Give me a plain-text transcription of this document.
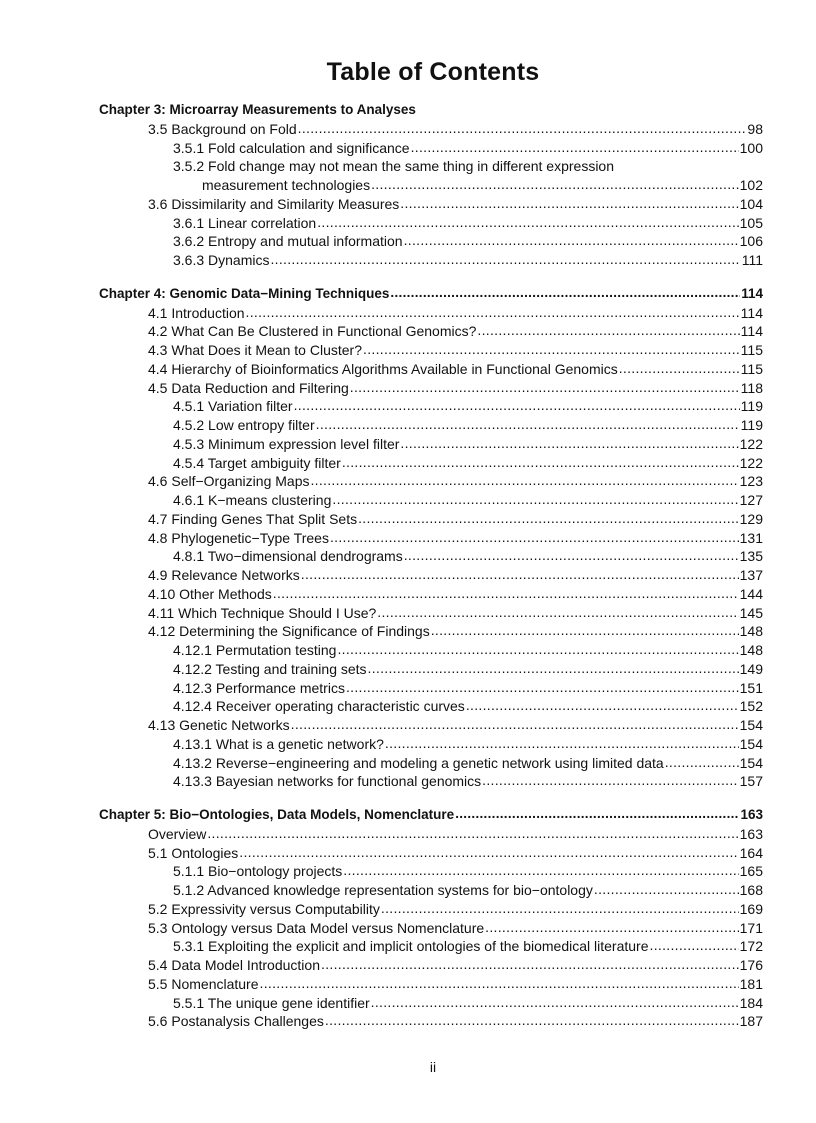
Table of Contents
Chapter 3: Microarray Measurements to Analyses
3.5 Background on Fold .....	98
3.5.1 Fold calculation and significance .....	100
3.5.2 Fold change may not mean the same thing in different expression
measurement technologies .....	102
3.6 Dissimilarity and Similarity Measures .....	104
3.6.1 Linear correlation .....	105
3.6.2 Entropy and mutual information .....	106
3.6.3 Dynamics .....	111
Chapter 4: Genomic Data−Mining Techniques .....	114
4.1 Introduction .....	114
4.2 What Can Be Clustered in Functional Genomics? .....	114
4.3 What Does it Mean to Cluster? .....	115
4.4 Hierarchy of Bioinformatics Algorithms Available in Functional Genomics .....	115
4.5 Data Reduction and Filtering .....	118
4.5.1 Variation filter .....	119
4.5.2 Low entropy filter .....	119
4.5.3 Minimum expression level filter .....	122
4.5.4 Target ambiguity filter .....	122
4.6 Self−Organizing Maps .....	123
4.6.1 K−means clustering .....	127
4.7 Finding Genes That Split Sets .....	129
4.8 Phylogenetic−Type Trees .....	131
4.8.1 Two−dimensional dendrograms .....	135
4.9 Relevance Networks .....	137
4.10 Other Methods .....	144
4.11 Which Technique Should I Use? .....	145
4.12 Determining the Significance of Findings .....	148
4.12.1 Permutation testing .....	148
4.12.2 Testing and training sets .....	149
4.12.3 Performance metrics .....	151
4.12.4 Receiver operating characteristic curves .....	152
4.13 Genetic Networks .....	154
4.13.1 What is a genetic network? .....	154
4.13.2 Reverse−engineering and modeling a genetic network using limited data .....	154
4.13.3 Bayesian networks for functional genomics .....	157
Chapter 5: Bio−Ontologies, Data Models, Nomenclature .....	163
Overview .....	163
5.1 Ontologies .....	164
5.1.1 Bio−ontology projects .....	165
5.1.2 Advanced knowledge representation systems for bio−ontology .....	168
5.2 Expressivity versus Computability .....	169
5.3 Ontology versus Data Model versus Nomenclature .....	171
5.3.1 Exploiting the explicit and implicit ontologies of the biomedical literature .....	172
5.4 Data Model Introduction .....	176
5.5 Nomenclature .....	181
5.5.1 The unique gene identifier .....	184
5.6 Postanalysis Challenges .....	187
ii
